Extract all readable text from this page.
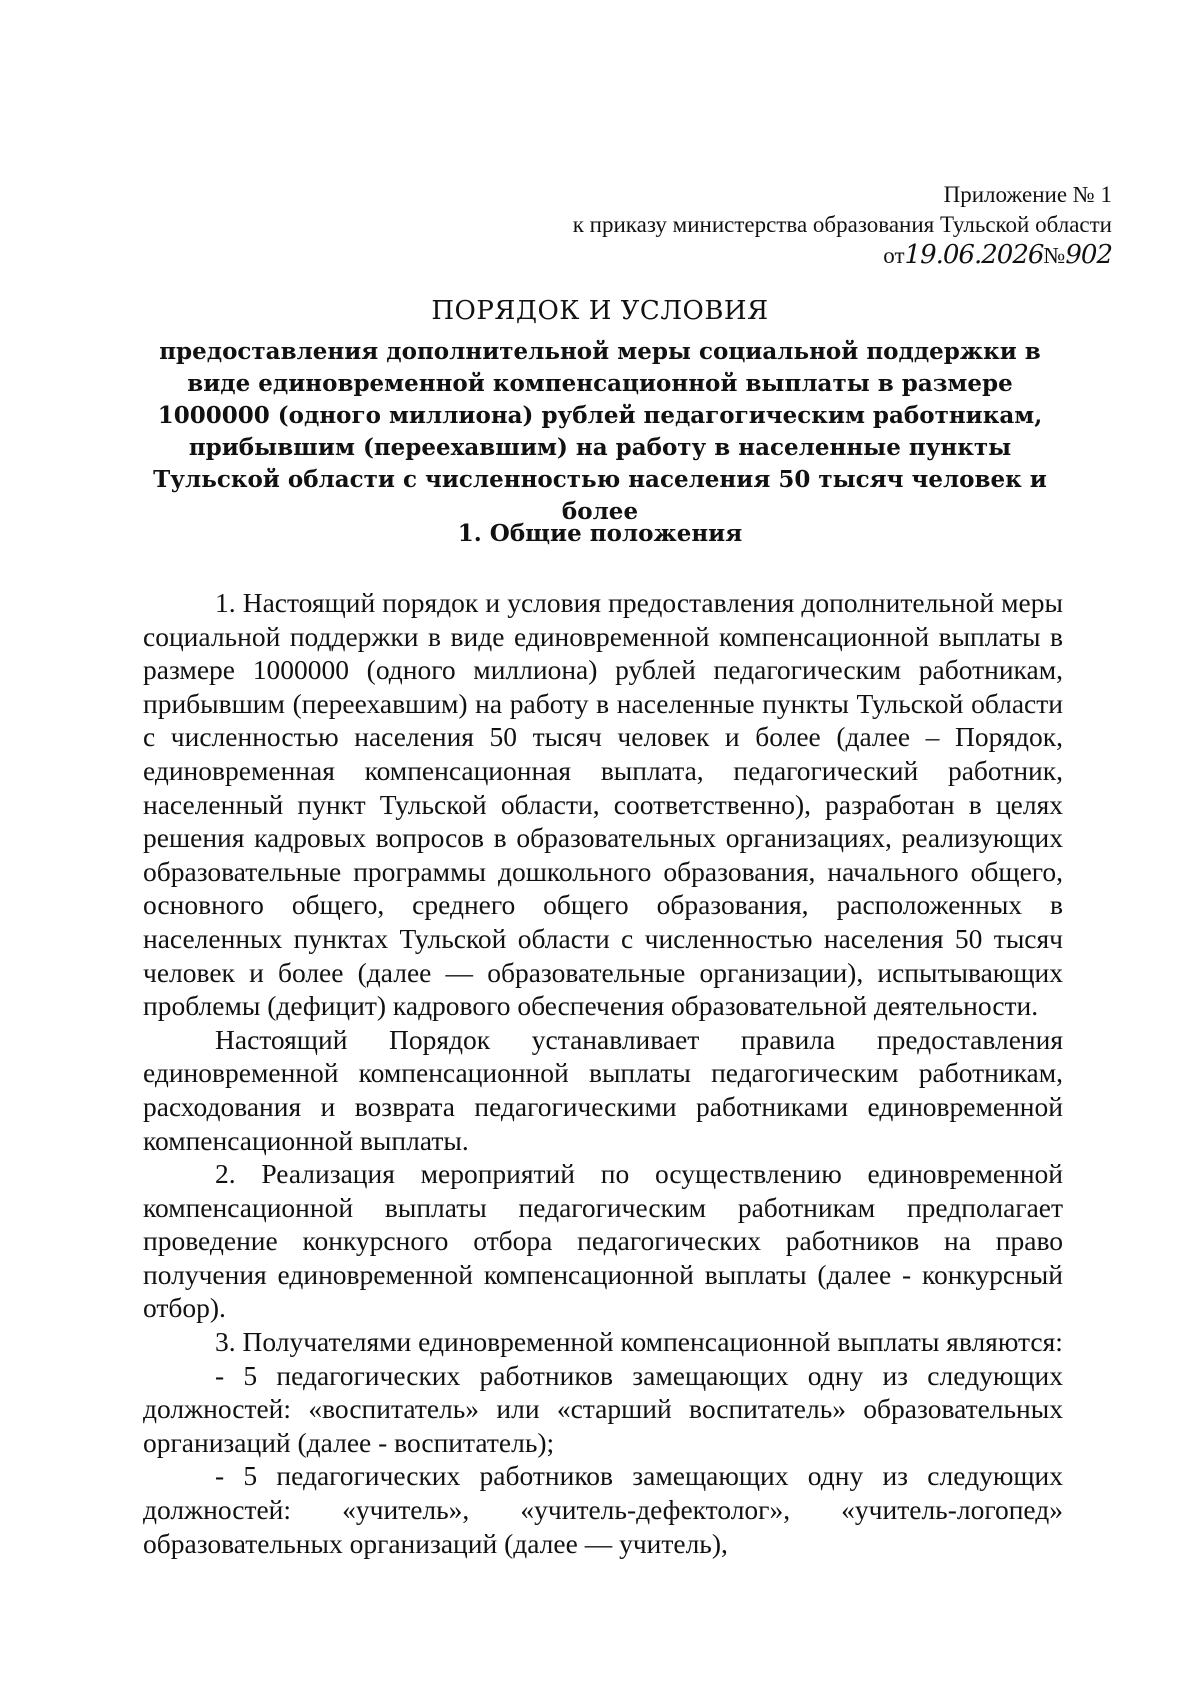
Приложение № 1
к приказу министерства образования Тульской области
от19.06.2026№902

ПОРЯДОК И УСЛОВИЯ

предоставления дополнительной меры социальной поддержки в виде единовременной компенсационной выплаты в размере 1000000 (одного миллиона) рублей педагогическим работникам, прибывшим (переехавшим) на работу в населенные пункты Тульской области с численностью населения 50 тысяч человек и более

1. Общие положения

1. Настоящий порядок и условия предоставления дополнительной меры социальной поддержки в виде единовременной компенсационной выплаты в размере 1000000 (одного миллиона) рублей педагогическим работникам, прибывшим (переехавшим) на работу в населенные пункты Тульской области с численностью населения 50 тысяч человек и более (далее – Порядок, единовременная компенсационная выплата, педагогический работник, населенный пункт Тульской области, соответственно), разработан в целях решения кадровых вопросов в образовательных организациях, реализующих образовательные программы дошкольного образования, начального общего, основного общего, среднего общего образования, расположенных в населенных пунктах Тульской области с численностью населения 50 тысяч человек и более (далее — образовательные организации), испытывающих проблемы (дефицит) кадрового обеспечения образовательной деятельности.

Настоящий Порядок устанавливает правила предоставления единовременной компенсационной выплаты педагогическим работникам, расходования и возврата педагогическими работниками единовременной компенсационной выплаты.

2. Реализация мероприятий по осуществлению единовременной компенсационной выплаты педагогическим работникам предполагает проведение конкурсного отбора педагогических работников на право получения единовременной компенсационной выплаты (далее - конкурсный отбор).

3. Получателями единовременной компенсационной выплаты являются:

- 5 педагогических работников замещающих одну из следующих должностей: «воспитатель» или «старший воспитатель» образовательных организаций (далее - воспитатель);

- 5 педагогических работников замещающих одну из следующих должностей: «учитель», «учитель-дефектолог», «учитель-логопед» образовательных организаций (далее — учитель),
